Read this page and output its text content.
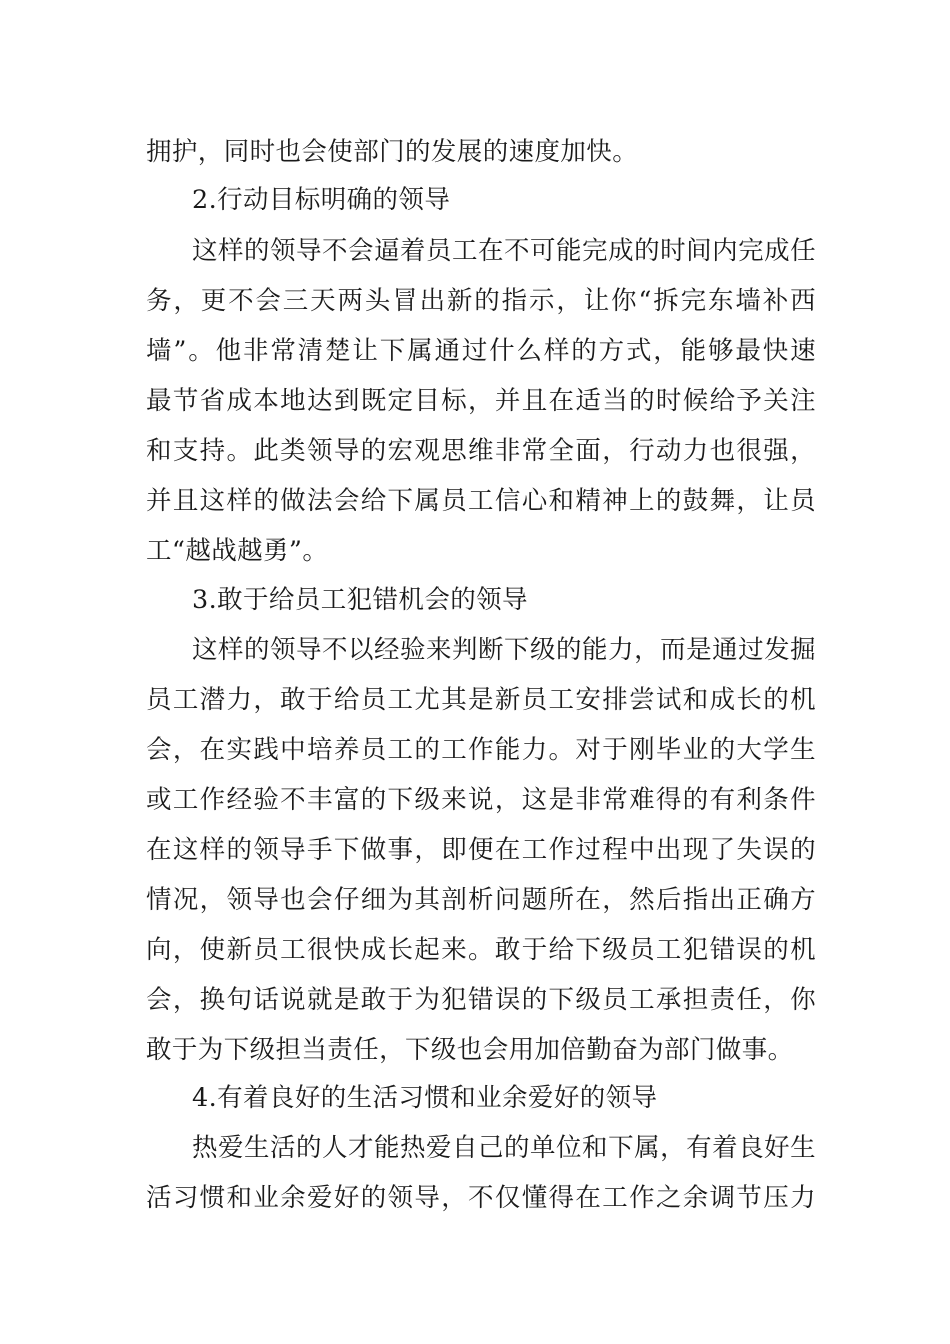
拥护，同时也会使部门的发展的速度加快。
2.行动目标明确的领导
这样的领导不会逼着员工在不可能完成的时间内完成任
务，更不会三天两头冒出新的指示，让你“拆完东墙补西
墙”。他非常清楚让下属通过什么样的方式，能够最快速
最节省成本地达到既定目标，并且在适当的时候给予关注
和支持。此类领导的宏观思维非常全面，行动力也很强，
并且这样的做法会给下属员工信心和精神上的鼓舞，让员
工“越战越勇”。
3.敢于给员工犯错机会的领导
这样的领导不以经验来判断下级的能力，而是通过发掘
员工潜力，敢于给员工尤其是新员工安排尝试和成长的机
会，在实践中培养员工的工作能力。对于刚毕业的大学生
或工作经验不丰富的下级来说，这是非常难得的有利条件
在这样的领导手下做事，即便在工作过程中出现了失误的
情况，领导也会仔细为其剖析问题所在，然后指出正确方
向，使新员工很快成长起来。敢于给下级员工犯错误的机
会，换句话说就是敢于为犯错误的下级员工承担责任，你
敢于为下级担当责任，下级也会用加倍勤奋为部门做事。
4.有着良好的生活习惯和业余爱好的领导
热爱生活的人才能热爱自己的单位和下属，有着良好生
活习惯和业余爱好的领导，不仅懂得在工作之余调节压力
